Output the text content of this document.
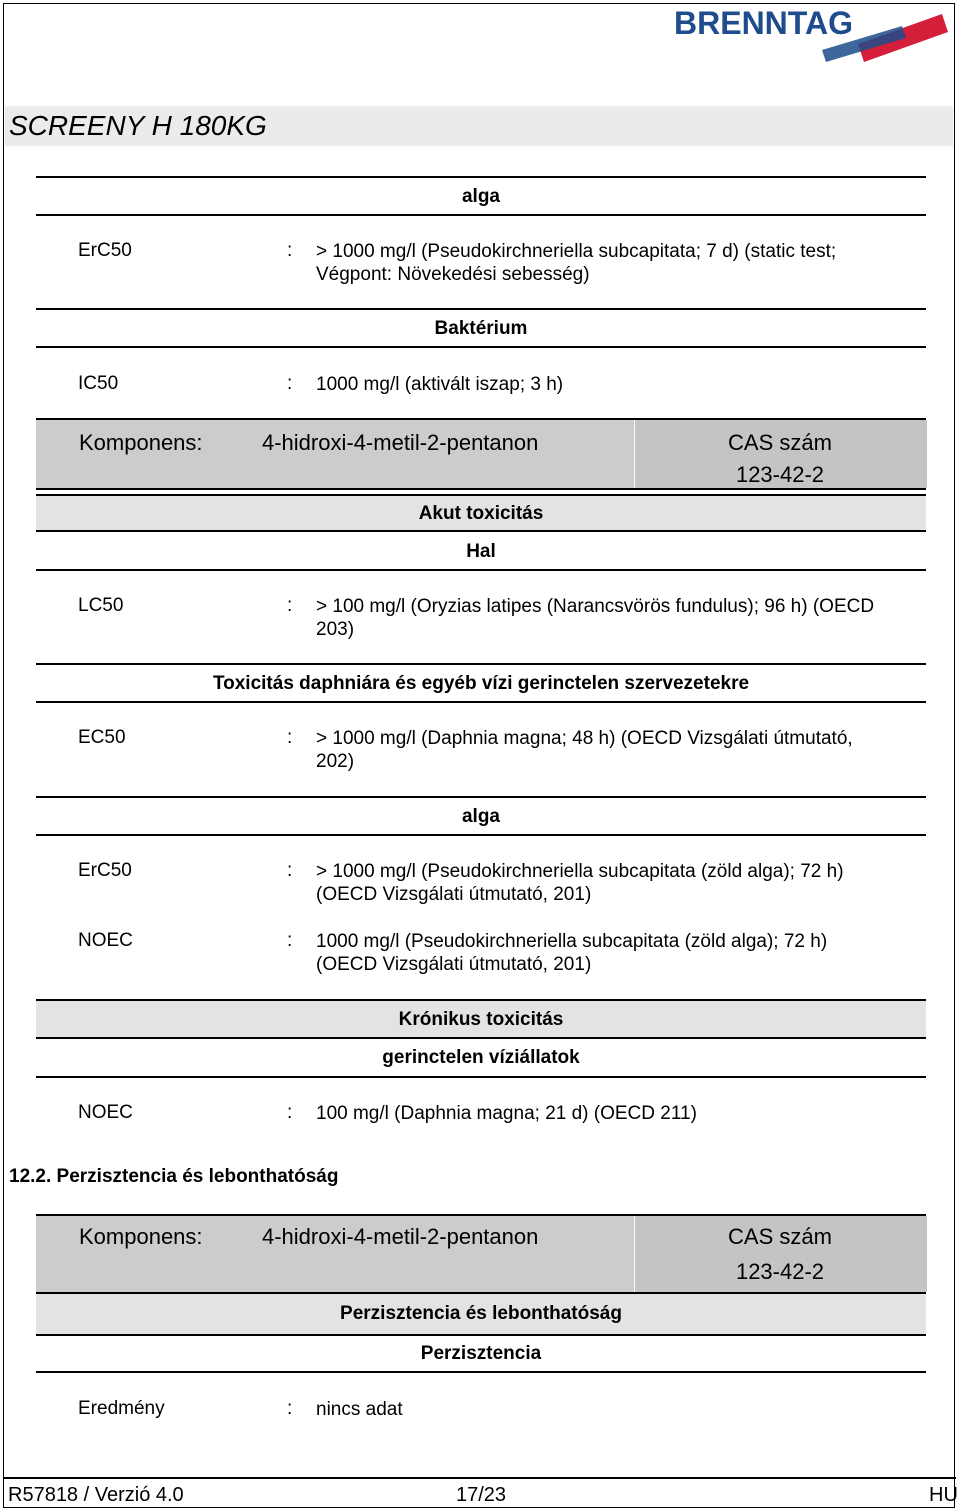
BRENNTAG
SCREENY H 180KG
alga
ErC50	: > 1000 mg/l (Pseudokirchneriella subcapitata; 7 d) (static test;
Végpont: Növekedési sebesség)
Baktérium
IC50	: 1000 mg/l (aktivált iszap; 3 h)
Komponens:	4-hidroxi-4-metil-2-pentanon	CAS szám
123-42-2
Akut toxicitás
Hal
LC50	: > 100 mg/l (Oryzias latipes (Narancsvörös fundulus); 96 h) (OECD
203)
Toxicitás daphniára és egyéb vízi gerinctelen szervezetekre
EC50	: > 1000 mg/l (Daphnia magna; 48 h) (OECD Vizsgálati útmutató,
202)
alga
ErC50	: > 1000 mg/l (Pseudokirchneriella subcapitata (zöld alga); 72 h)
(OECD Vizsgálati útmutató, 201)
NOEC	: 1000 mg/l (Pseudokirchneriella subcapitata (zöld alga); 72 h)
(OECD Vizsgálati útmutató, 201)
Krónikus toxicitás
gerinctelen víziállatok
NOEC	: 100 mg/l (Daphnia magna; 21 d) (OECD 211)
12.2. Perzisztencia és lebonthatóság
Komponens:	4-hidroxi-4-metil-2-pentanon	CAS szám
123-42-2
Perzisztencia és lebonthatóság
Perzisztencia
Eredmény	: nincs adat
R57818 / Verzió 4.0	17/23	HU
